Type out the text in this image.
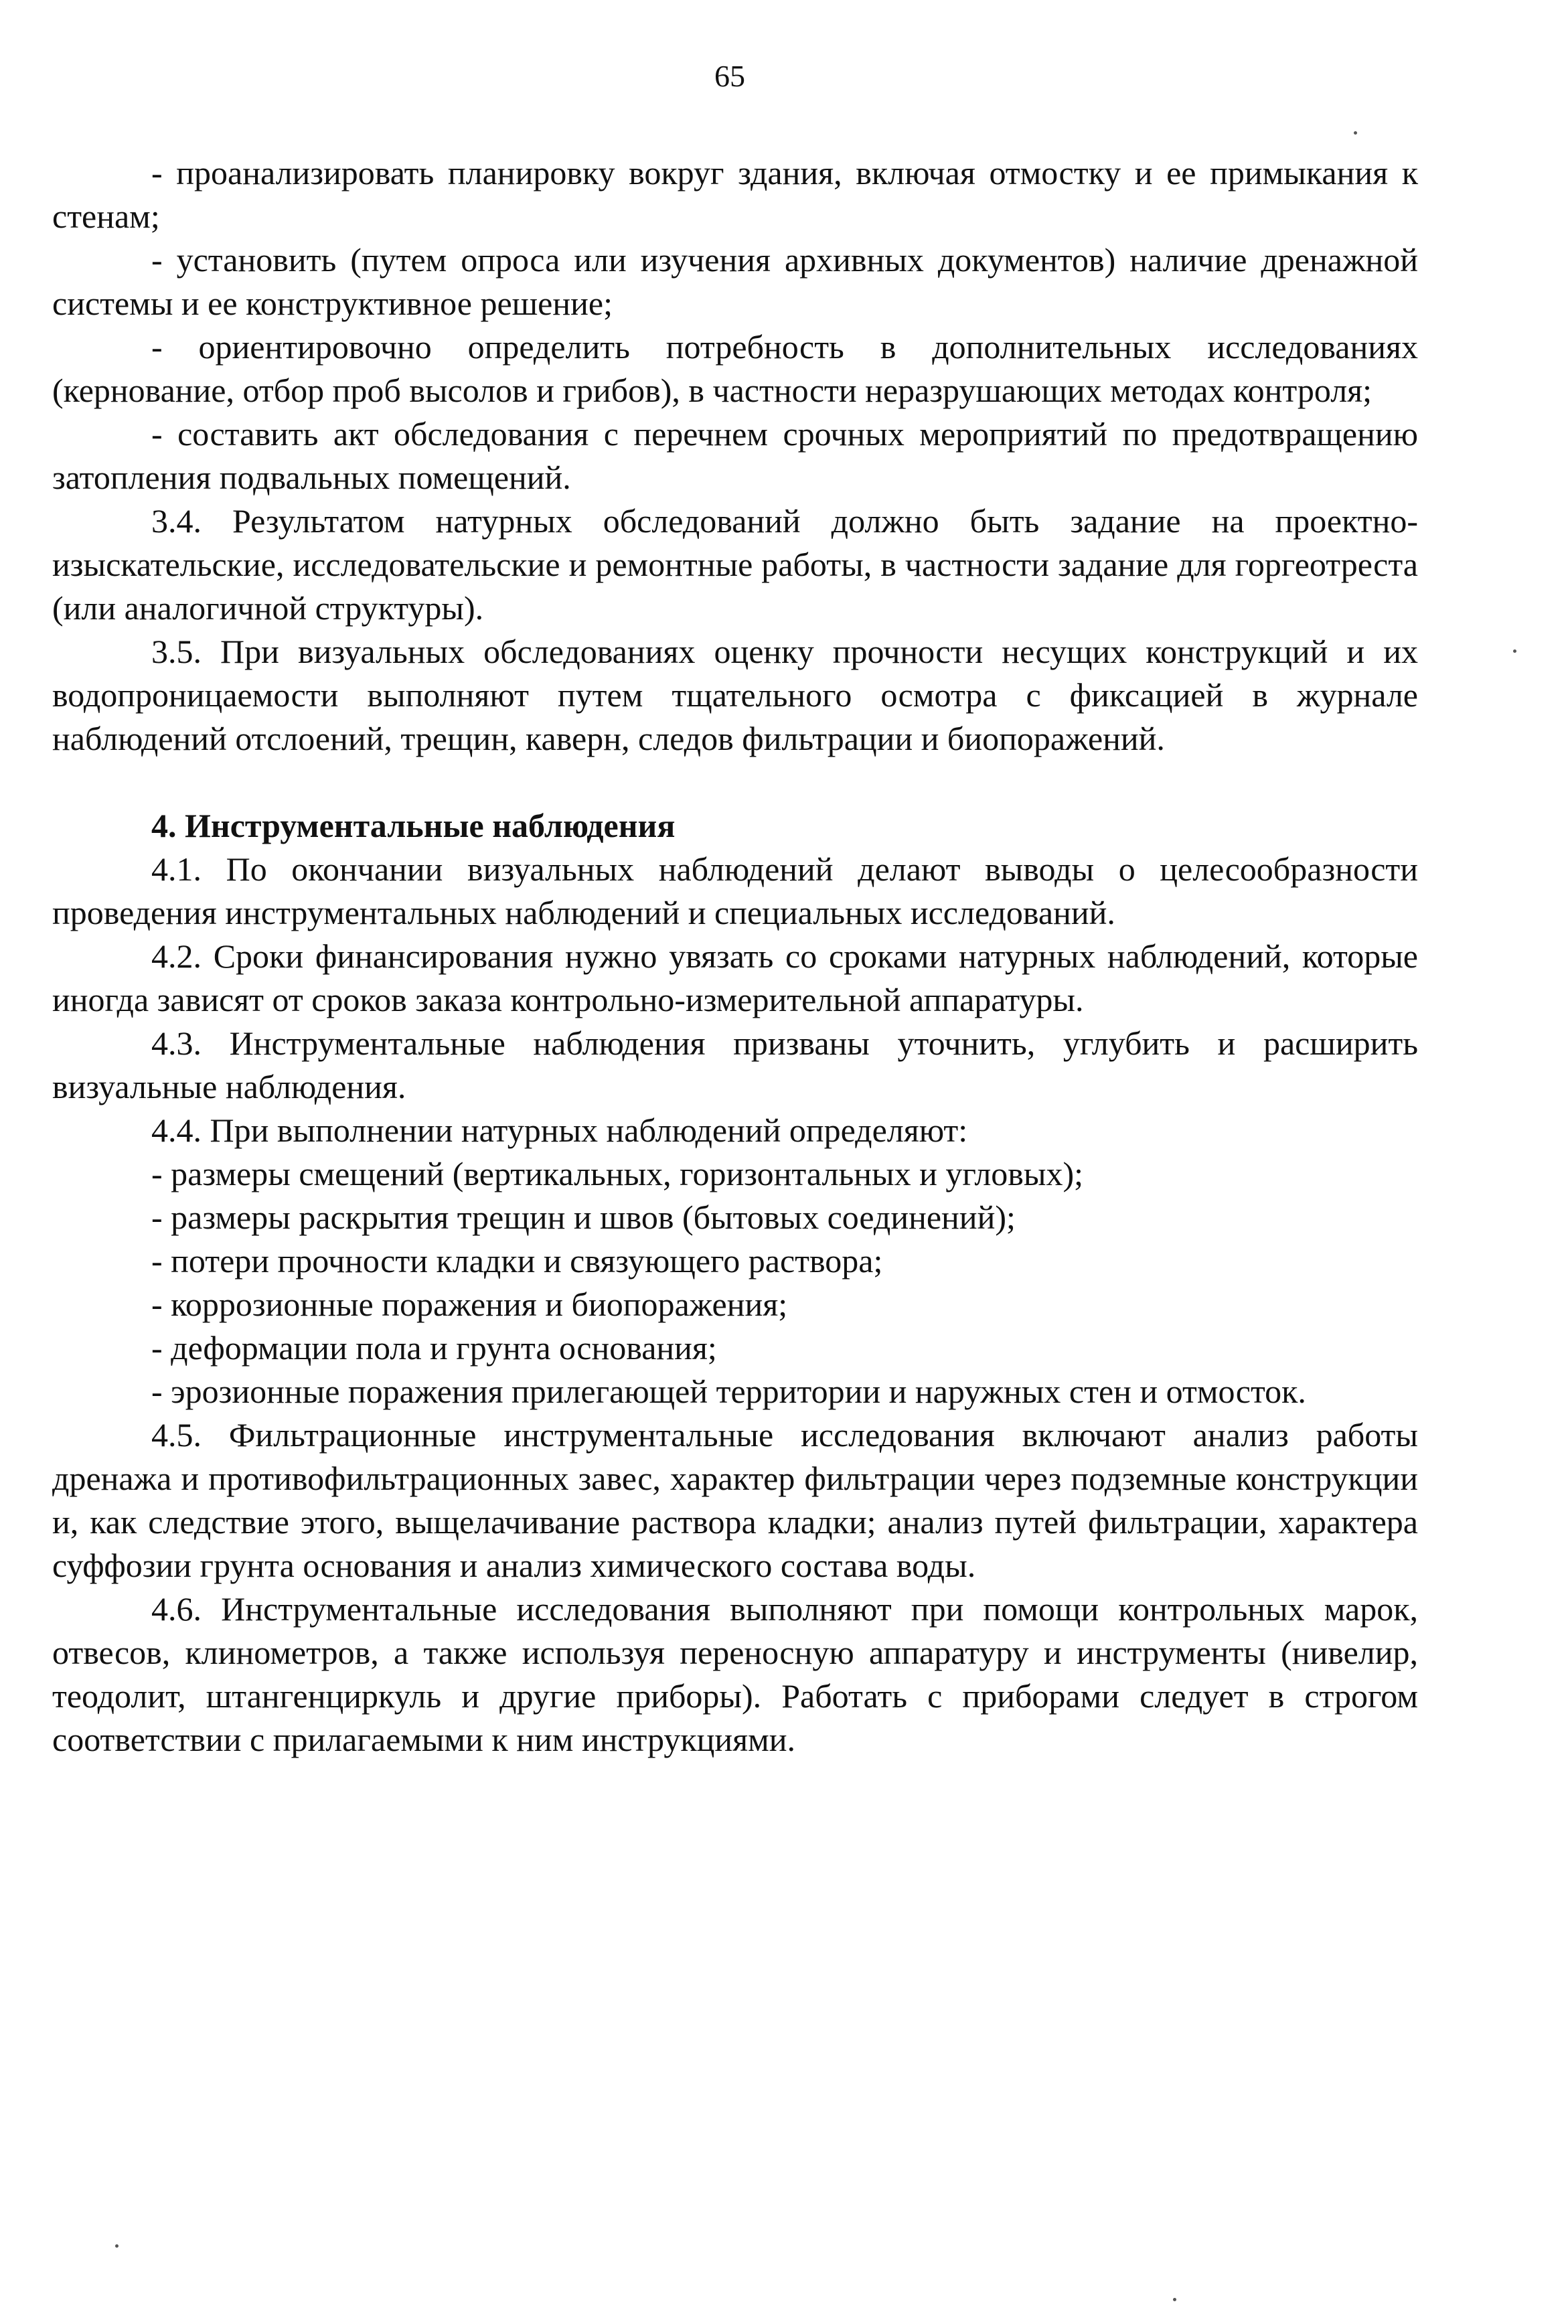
65

- проанализировать планировку вокруг здания, включая отмостку и ее примыкания к стенам;

- установить (путем опроса или изучения архивных документов) наличие дренажной системы и ее конструктивное решение;

- ориентировочно определить потребность в дополнительных исследованиях (кернование, отбор проб высолов и грибов), в частности неразрушающих методах контроля;

- составить акт обследования с перечнем срочных мероприятий по предотвращению затопления подвальных помещений.

3.4. Результатом натурных обследований должно быть задание на проектно-изыскательские, исследовательские и ремонтные работы, в частности задание для горгеотреста (или аналогичной структуры).

3.5. При визуальных обследованиях оценку прочности несущих конструкций и их водопроницаемости выполняют путем тщательного осмотра с фиксацией в журнале наблюдений отслоений, трещин, каверн, следов фильтрации и биопоражений.

4. Инструментальные наблюдения

4.1. По окончании визуальных наблюдений делают выводы о целесообразности проведения инструментальных наблюдений и специальных исследований.

4.2. Сроки финансирования нужно увязать со сроками натурных наблюдений, которые иногда зависят от сроков заказа контрольно-измерительной аппаратуры.

4.3. Инструментальные наблюдения призваны уточнить, углубить и расширить визуальные наблюдения.

4.4. При выполнении натурных наблюдений определяют:

- размеры смещений (вертикальных, горизонтальных и угловых);

- размеры раскрытия трещин и швов (бытовых соединений);

- потери прочности кладки и связующего раствора;

- коррозионные поражения и биопоражения;

- деформации пола и грунта основания;

- эрозионные поражения прилегающей территории и наружных стен и отмосток.

4.5. Фильтрационные инструментальные исследования включают анализ работы дренажа и противофильтрационных завес, характер фильтрации через подземные конструкции и, как следствие этого, выщелачивание раствора кладки; анализ путей фильтрации, характера суффозии грунта основания и анализ химического состава воды.

4.6. Инструментальные исследования выполняют при помощи контрольных марок, отвесов, клинометров, а также используя переносную аппаратуру и инструменты (нивелир, теодолит, штангенциркуль и другие приборы). Работать с приборами следует в строгом соответствии с прилагаемыми к ним инструкциями.
